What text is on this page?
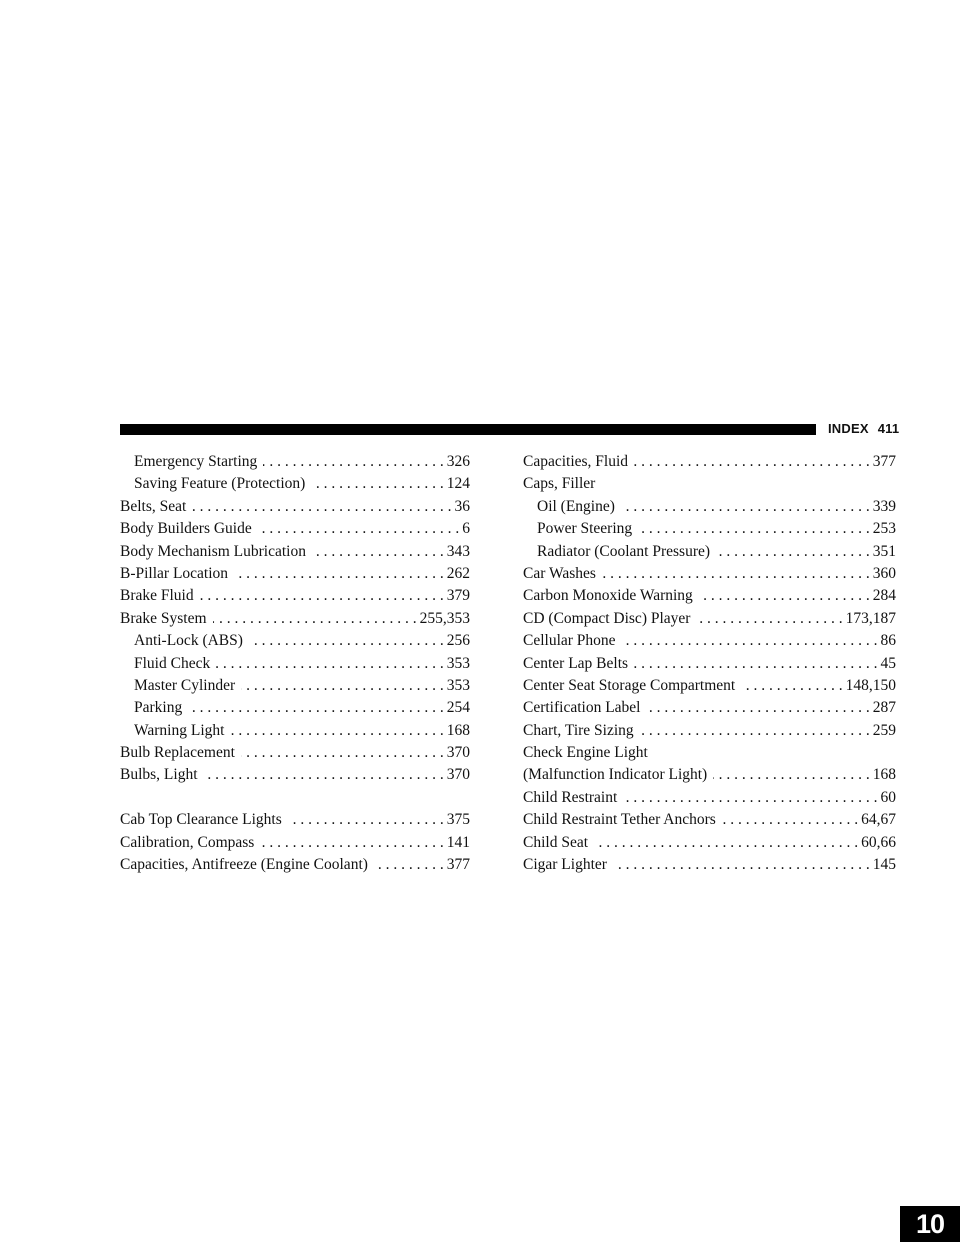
INDEX 411
Emergency Starting . . .	326
Saving Feature (Protection) . . .	124
Belts, Seat . . .	36
Body Builders Guide . . .	6
Body Mechanism Lubrication . . .	343
B-Pillar Location . . .	262
Brake Fluid . . .	379
Brake System . . .	255,353
Anti-Lock (ABS) . . .	256
Fluid Check . . .	353
Master Cylinder . . .	353
Parking . . .	254
Warning Light . . .	168
Bulb Replacement . . .	370
Bulbs, Light . . .	370
Cab Top Clearance Lights . . .	375
Calibration, Compass . . .	141
Capacities, Antifreeze (Engine Coolant) . . .	377
Capacities, Fluid . . .	377
Caps, Filler
Oil (Engine) . . .	339
Power Steering . . .	253
Radiator (Coolant Pressure) . . .	351
Car Washes . . .	360
Carbon Monoxide Warning . . .	284
CD (Compact Disc) Player . . .	173,187
Cellular Phone . . .	86
Center Lap Belts . . .	45
Center Seat Storage Compartment . . .	148,150
Certification Label . . .	287
Chart, Tire Sizing . . .	259
Check Engine Light
(Malfunction Indicator Light) . . .	168
Child Restraint . . .	60
Child Restraint Tether Anchors . . .	64,67
Child Seat . . .	60,66
Cigar Lighter . . .	145
10
